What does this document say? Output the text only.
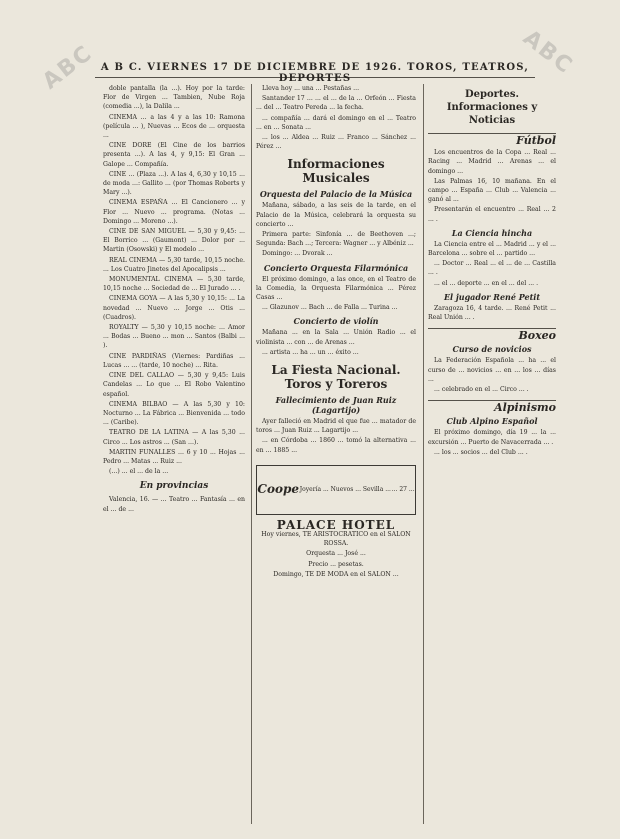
ABC	ABC
A B C. VIERNES 17 DE DICIEMBRE DE 1926. TOROS, TEATROS, DEPORTES

doble pantalla (la ...). Hoy por la tarde: Flor de Virgen ... Tambien, Nube Roja (comedia ...), la Dalila ...

CINEMA ... a las 4 y a las 10: Ramona (película ... ), Nuevas ... Ecos de ... orquesta ...

CINE DORE (El Cine de los barrios presenta ...). A las 4, y 9,15: El Gran ... Galope ... Compañía.

CINE ... (Plaza ...). A las 4, 6,30 y 10,15 ... de moda ...: Gallito ... (por Thomas Roberts y Mary ...).

CINEMA ESPAÑA ... El Cancionero ... y Flor ... Nuevo ... programa. (Notas ... Domingo ... Moreno ...).

CINE DE SAN MIGUEL — 5,30 y 9,45: ... El Borrico ... (Gaumont) ... Dolor por ... Martin (Osowski) y El modelo ...

REAL CINEMA — 5,30 tarde, 10,15 noche. ... Los Cuatro Jinetes del Apocalipsis ...

MONUMENTAL CINEMA — 5,30 tarde, 10,15 noche ... Sociedad de ... El Jurado ... .

CINEMA GOYA — A las 5,30 y 10,15: ... La novedad ... Nuevo ... Jorge ... Otis ... (Cuadros).

ROYALTY — 5,30 y 10,15 noche: ... Amor ... Bodas ... Bueno ... mon ... Santos (Balbi ... ).

CINE PARDIÑAS (Viernes: Pardiñas ... Lucas ... ... (tarde, 10 noche) ... Rita.

CINE DEL CALLAO — 5,30 y 9,45: Luis Candelas ... Lo que ... El Robo Valentino español.

CINEMA BILBAO — A las 5,30 y 10: Nocturno ... La Fábrica ... Bienvenida ... todo ... (Caribe).

TEATRO DE LA LATINA — A las 5,30 ... Circo ... Los astros ... (San ...).

MARTIN FUNALLES ... 6 y 10 ... Hojas ... Pedro ... Matas ... Ruiz ...

(...) ... el ... de la ...

En provincias

Valencia, 16. — ... Teatro ... Fantasía ... en el ... de ...

Lleva hoy ... una ... Pestañas ...

Santander 17 ... ... el ... de la ... Orfeón ... Fiesta ... del ... Teatro Pereda ... la fecha.

... compañía ... dará el domingo en el ... Teatro ... en ... Sonata ...

... los ... Aldea ... Ruiz ... Franco ... Sánchez ... Pérez ...

Informaciones Musicales
Orquesta del Palacio de la Música

Mañana, sábado, a las seis de la tarde, en el Palacio de la Música, celebrará la orquesta su concierto ...

Primera parte: Sinfonía ... de Beethoven ...; Segunda: Bach ...; Tercera: Wagner ... y Albéniz ...

Domingo: ... Dvorak ...

Concierto Orquesta Filarmónica

El próximo domingo, a las once, en el Teatro de la Comedia, la Orquesta Filarmónica ... Pérez Casas ...

... Glazunov ... Bach ... de Falla ... Turina ...

Concierto de violín

Mañana ... en la Sala ... Unión Radio ... el violinista ... con ... de Arenas ...

... artista ... ha ... un ... éxito ...

La Fiesta Nacional. Toros y Toreros
Fallecimiento de Juan Ruiz (Lagartijo)

Ayer falleció en Madrid el que fue ... matador de toros ... Juan Ruiz ... Lagartijo ...

... en Córdoba ... 1860 ... tomó la alternativa ... en ... 1885 ...

Coope Joyería ... Nuevos ... Sevilla ... ... 27 ...
PALACE HOTEL

Hoy viernes, TE ARISTOCRATICO en el SALON ROSSA.

Orquesta ... José ...

Precio ... pesetas.

Domingo, TE DE MODA en el SALON ...

Deportes. Informaciones y Noticias
Fútbol

Los encuentros de la Copa ... Real ... Racing ... Madrid ... Arenas ... el domingo ...

Las Palmas 16, 10 mañana. En el campo ... España ... Club ... Valencia ... ganó al ...

Presentarán el encuentro ... Real ... 2 ... .

La Ciencia hincha

La Ciencia entre el ... Madrid ... y el ... Barcelona ... sobre el ... partido ...

... Doctor ... Real ... el ... de ... Castilla ... .

... el ... deporte ... en el ... del ... .

El jugador René Petit

Zaragoza 16, 4 tarde. ... René Petit ... Real Unión ... .

Boxeo
Curso de novicios

La Federación Española ... ha ... el curso de ... novicios ... en ... los ... días ...

... celebrado en el ... Circo ... .

Alpinismo
Club Alpino Español

El próximo domingo, día 19 ... la ... excursión ... Puerto de Navacerrada ... .

... los ... socios ... del Club ... .
